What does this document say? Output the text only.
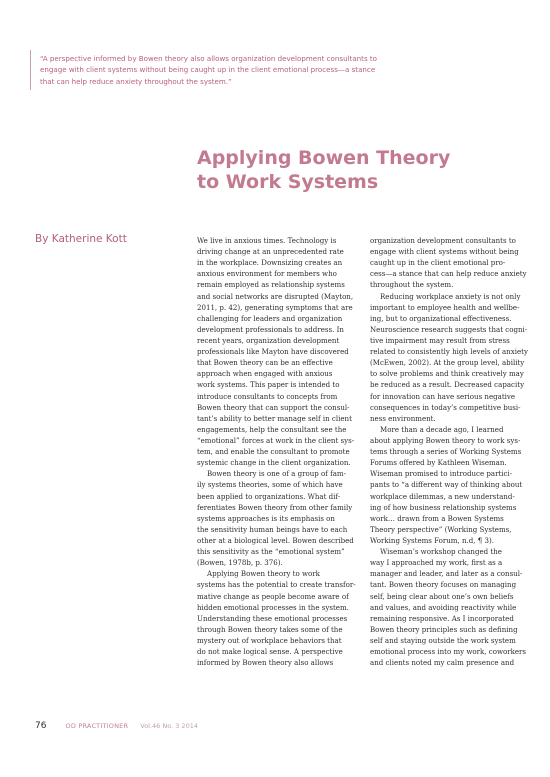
“A perspective informed by Bowen theory also allows organization development consultants to
engage with client systems without being caught up in the client emotional process—a stance
that can help reduce anxiety throughout the system.”
Applying Bowen Theory
to Work Systems
By Katherine Kott	We live in anxious times. Technology is
driving change at an unprecedented rate
in the workplace. Downsizing creates an
anxious environment for members who
remain employed as relationship systems
and social networks are disrupted (Mayton,
2011, p. 42), generating symptoms that are
challenging for leaders and organization
development professionals to address. In
recent years, organization development
professionals like Mayton have discovered
that Bowen theory can be an effective
approach when engaged with anxious
work systems. This paper is intended to
introduce consultants to concepts from
Bowen theory that can support the consul-
tant’s ability to better manage self in client
engagements, help the consultant see the
“emotional” forces at work in the client sys-
tem, and enable the consultant to promote
systemic change in the client organization.
Bowen theory is one of a group of fam-
ily systems theories, some of which have
been applied to organizations. What dif-
ferentiates Bowen theory from other family
systems approaches is its emphasis on
the sensitivity human beings have to each
other at a biological level. Bowen described
this sensitivity as the “emotional system”
(Bowen, 1978b, p. 376).
Applying Bowen theory to work
systems has the potential to create transfor-
mative change as people become aware of
hidden emotional processes in the system.
Understanding these emotional processes
through Bowen theory takes some of the
mystery out of workplace behaviors that
do not make logical sense. A perspective
informed by Bowen theory also allows
organization development consultants to
engage with client systems without being
caught up in the client emotional pro-
cess—a stance that can help reduce anxiety
throughout the system.
Reducing workplace anxiety is not only
important to employee health and wellbe-
ing, but to organizational effectiveness.
Neuroscience research suggests that cogni-
tive impairment may result from stress
related to consistently high levels of anxiety
(McEwen, 2002). At the group level, ability
to solve problems and think creatively may
be reduced as a result. Decreased capacity
for innovation can have serious negative
consequences in today’s competitive busi-
ness environment.
More than a decade ago, I learned
about applying Bowen theory to work sys-
tems through a series of Working Systems
Forums offered by Kathleen Wiseman.
Wiseman promised to introduce partici-
pants to “a different way of thinking about
workplace dilemmas, a new understand-
ing of how business relationship systems
work… drawn from a Bowen Systems
Theory perspective” (Working Systems,
Working Systems Forum, n.d, ¶ 3).
Wiseman’s workshop changed the
way I approached my work, first as a
manager and leader, and later as a consul-
tant. Bowen theory focuses on managing
self, being clear about one’s own beliefs
and values, and avoiding reactivity while
remaining responsive. As I incorporated
Bowen theory principles such as defining
self and staying outside the work system
emotional process into my work, coworkers
and clients noted my calm presence and
76	OD PRACTITIONER Vol.46 No. 3 2014
